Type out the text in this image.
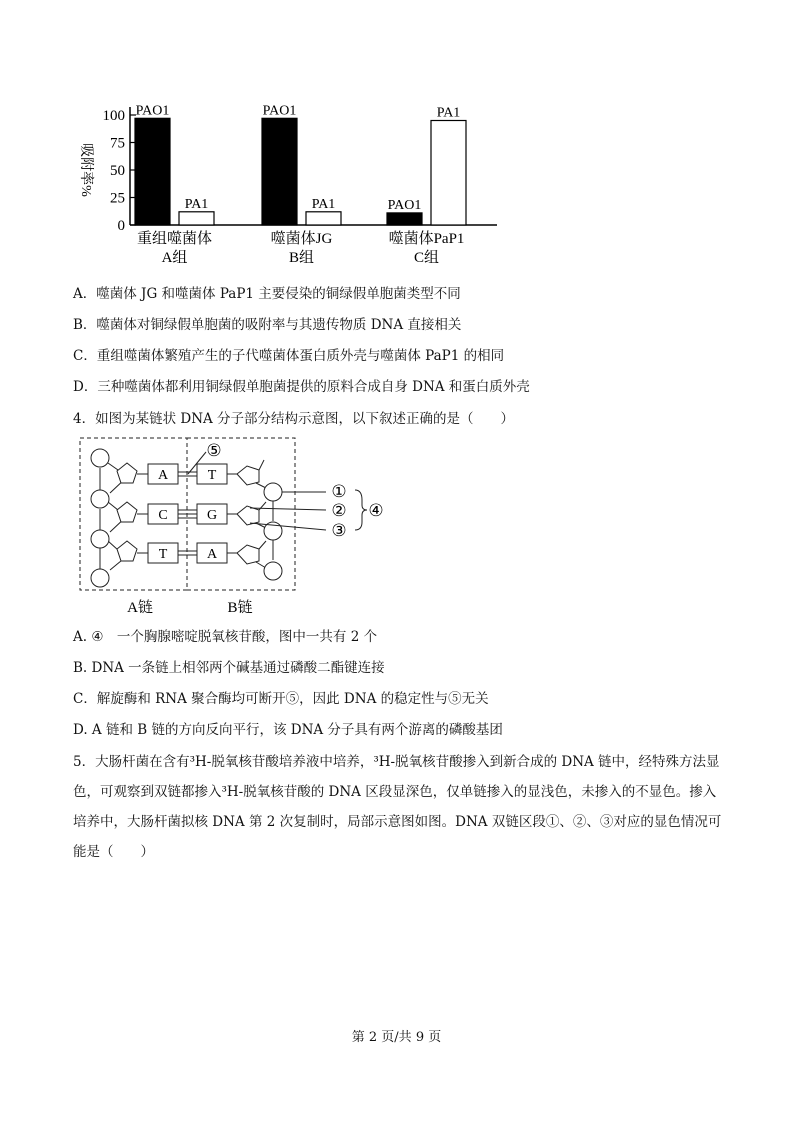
0
25
50
75
100
吸附率%
PAO1
PA1
重组噬菌体
A组
PAO1
PA1
噬菌体JG
B组
PAO1
PA1
噬菌体PaP1
C组
A．噬菌体 JG 和噬菌体 PaP1 主要侵染的铜绿假单胞菌类型不同
B．噬菌体对铜绿假单胞菌的吸附率与其遗传物质 DNA 直接相关
C．重组噬菌体繁殖产生的子代噬菌体蛋白质外壳与噬菌体 PaP1 的相同
D．三种噬菌体都利用铜绿假单胞菌提供的原料合成自身 DNA 和蛋白质外壳
4．如图为某链状 DNA 分子部分结构示意图，以下叙述正确的是（　　）
A
C
T
T
G
A
⑤
①
②
③
④
A链	B链
A. ④　一个胸腺嘧啶脱氧核苷酸，图中一共有 2 个
B. DNA 一条链上相邻两个碱基通过磷酸二酯键连接
C．解旋酶和 RNA 聚合酶均可断开⑤，因此 DNA 的稳定性与⑤无关
D. A 链和 B 链的方向反向平行，该 DNA 分子具有两个游离的磷酸基团
5．大肠杆菌在含有³H-脱氧核苷酸培养液中培养，³H-脱氧核苷酸掺入到新合成的 DNA 链中，经特殊方法显色，可观察到双链都掺入³H-脱氧核苷酸的 DNA 区段显深色，仅单链掺入的显浅色，未掺入的不显色。掺入培养中，大肠杆菌拟核 DNA 第 2 次复制时，局部示意图如图。DNA 双链区段①、②、③对应的显色情况可能是（　　）
第 2 页/共 9 页
